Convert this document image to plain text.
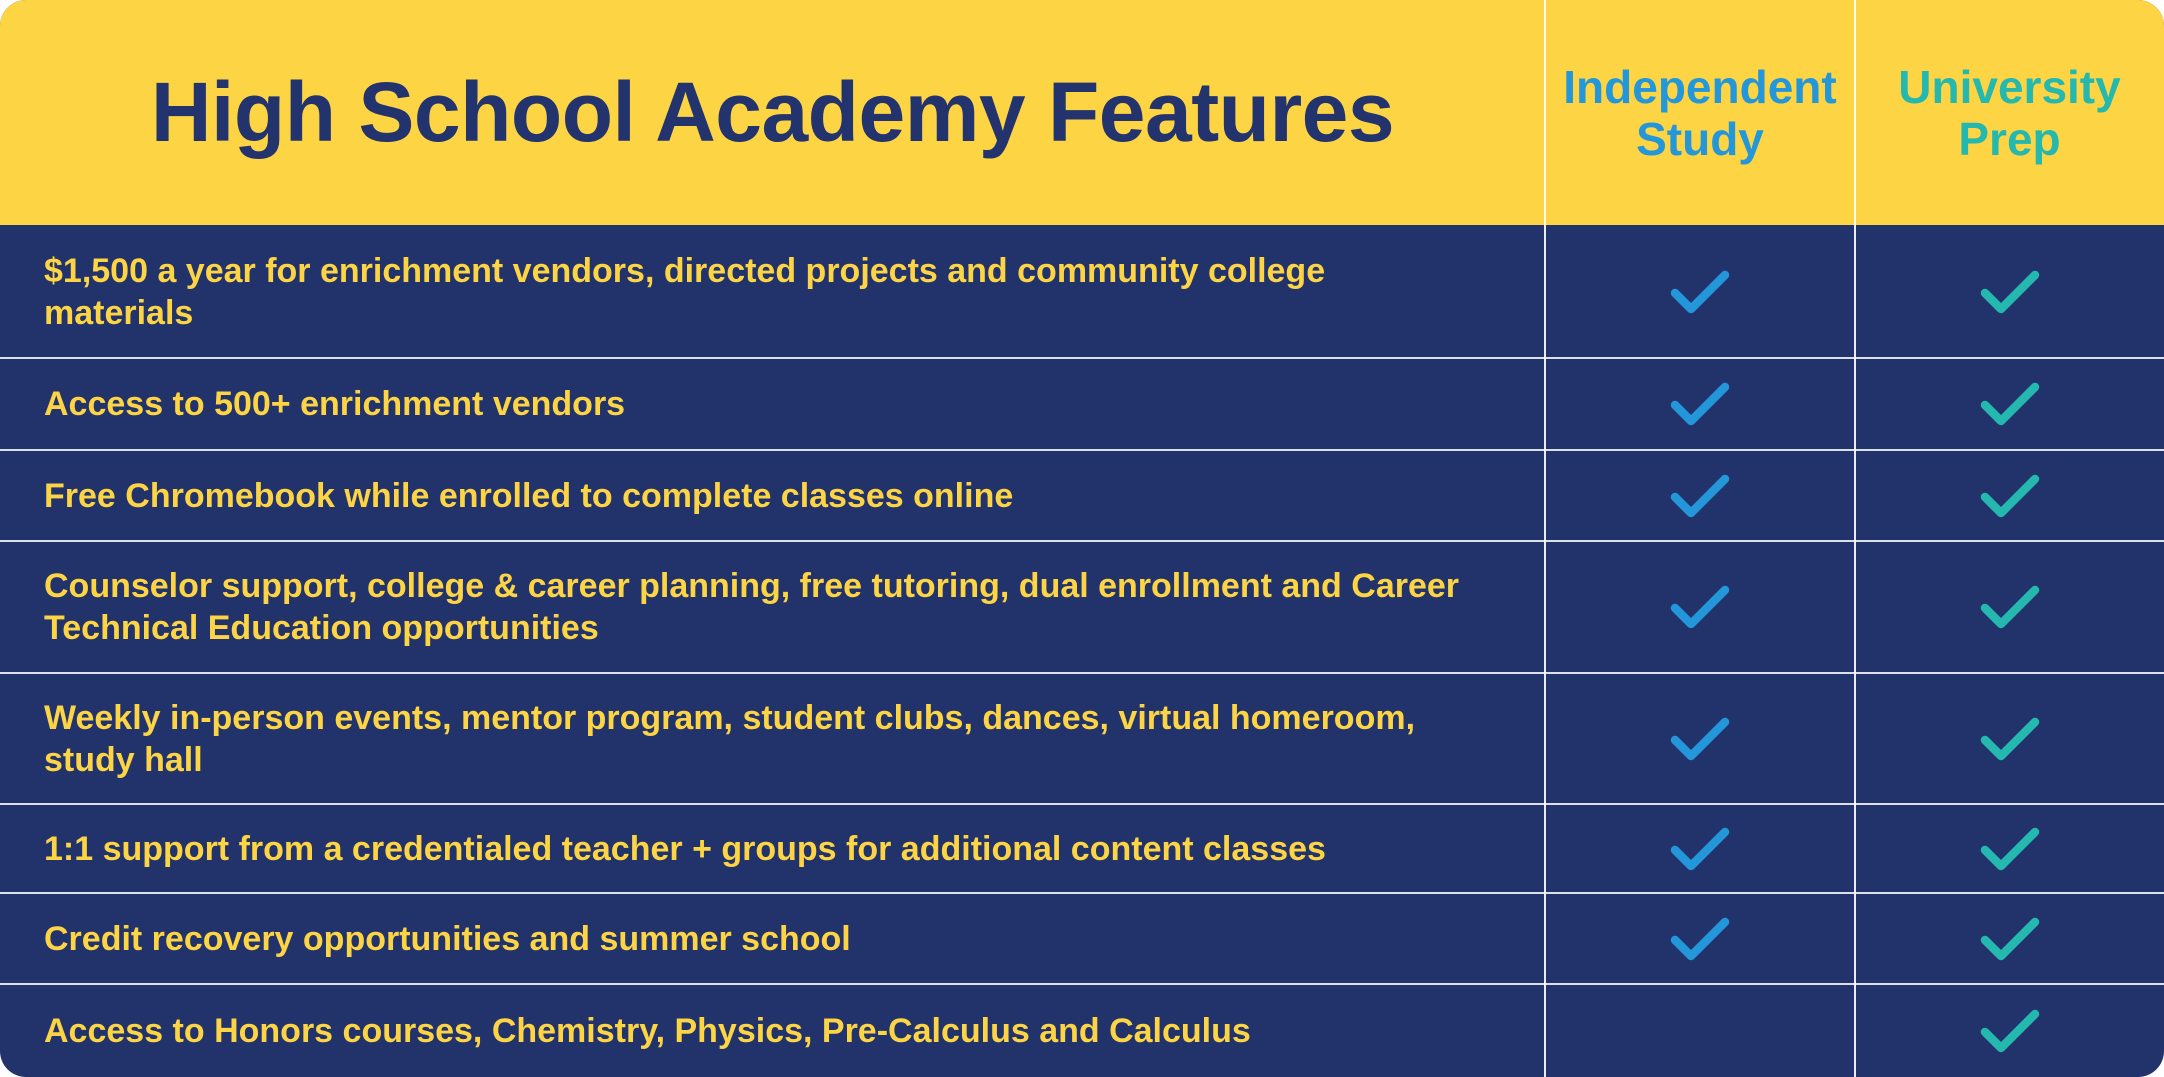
High School Academy Features	Independent
Study
University
Prep
$1,500 a year for enrichment vendors, directed projects and community college materials
Access to 500+ enrichment vendors
Free Chromebook while enrolled to complete classes online
Counselor support, college & career planning, free tutoring, dual enrollment and Career Technical Education opportunities
Weekly in-person events, mentor program, student clubs, dances, virtual homeroom, study hall
1:1 support from a credentialed teacher + groups for additional content classes
Credit recovery opportunities and summer school
Access to Honors courses, Chemistry, Physics, Pre-Calculus and Calculus
